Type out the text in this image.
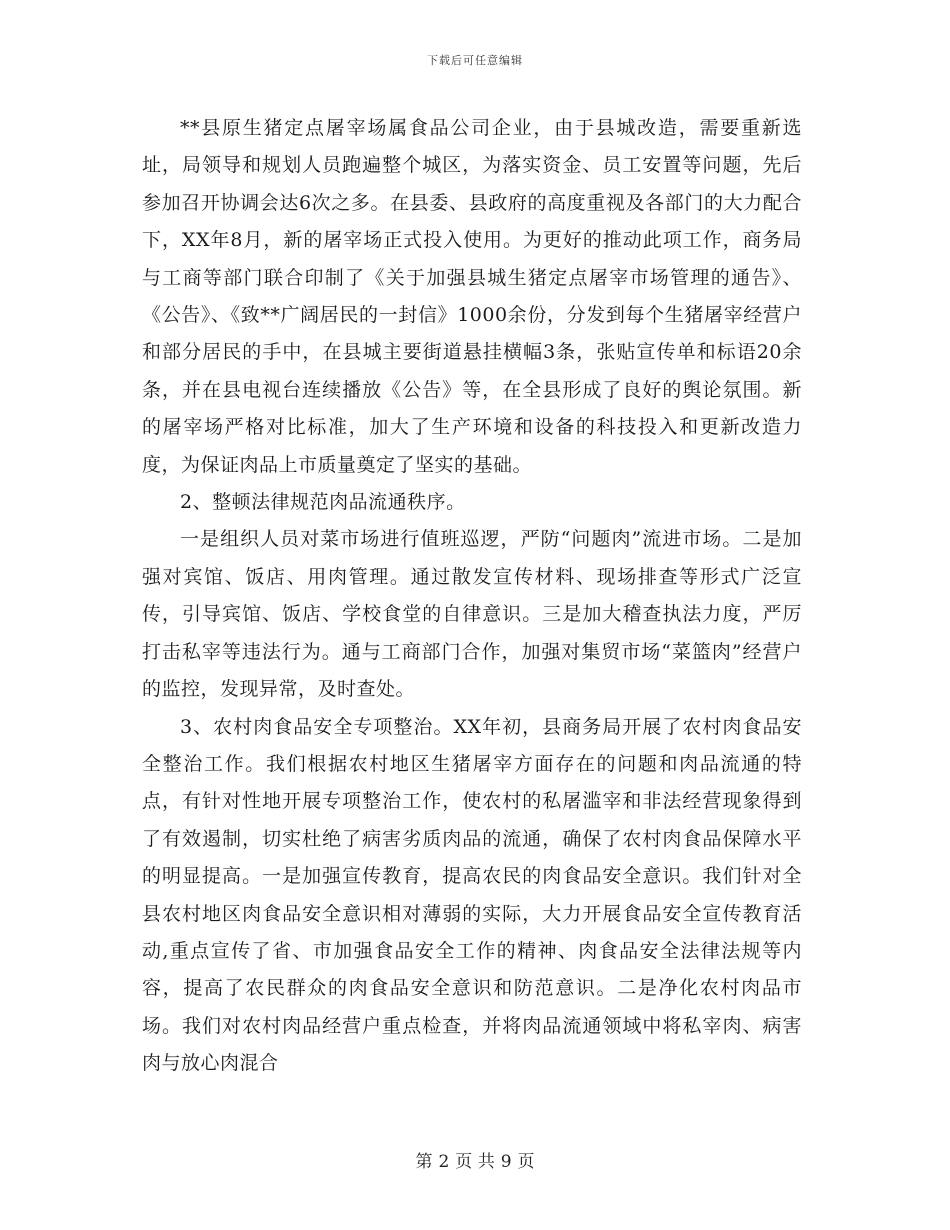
下载后可任意编辑

**县原生猪定点屠宰场属食品公司企业，由于县城改造，需要重新选址，局领导和规划人员跑遍整个城区，为落实资金、员工安置等问题，先后参加召开协调会达6次之多。在县委、县政府的高度重视及各部门的大力配合下，XX年8月，新的屠宰场正式投入使用。为更好的推动此项工作，商务局与工商等部门联合印制了《关于加强县城生猪定点屠宰市场管理的通告》、《公告》、《致**广阔居民的一封信》1000余份，分发到每个生猪屠宰经营户和部分居民的手中，在县城主要街道悬挂横幅3条，张贴宣传单和标语20余条，并在县电视台连续播放《公告》等，在全县形成了良好的舆论氛围。新的屠宰场严格对比标准，加大了生产环境和设备的科技投入和更新改造力度，为保证肉品上市质量奠定了坚实的基础。

2、整顿法律规范肉品流通秩序。

一是组织人员对菜市场进行值班巡逻，严防“问题肉”流进市场。二是加强对宾馆、饭店、用肉管理。通过散发宣传材料、现场排查等形式广泛宣传，引导宾馆、饭店、学校食堂的自律意识。三是加大稽查执法力度，严厉打击私宰等违法行为。通与工商部门合作，加强对集贸市场“菜篮肉”经营户的监控，发现异常，及时查处。

3、农村肉食品安全专项整治。XX年初，县商务局开展了农村肉食品安全整治工作。我们根据农村地区生猪屠宰方面存在的问题和肉品流通的特点，有针对性地开展专项整治工作，使农村的私屠滥宰和非法经营现象得到了有效遏制，切实杜绝了病害劣质肉品的流通，确保了农村肉食品保障水平的明显提高。一是加强宣传教育，提高农民的肉食品安全意识。我们针对全县农村地区肉食品安全意识相对薄弱的实际，大力开展食品安全宣传教育活动,重点宣传了省、市加强食品安全工作的精神、肉食品安全法律法规等内容，提高了农民群众的肉食品安全意识和防范意识。二是净化农村肉品市场。我们对农村肉品经营户重点检查，并将肉品流通领域中将私宰肉、病害肉与放心肉混合

第 2 页 共 9 页
